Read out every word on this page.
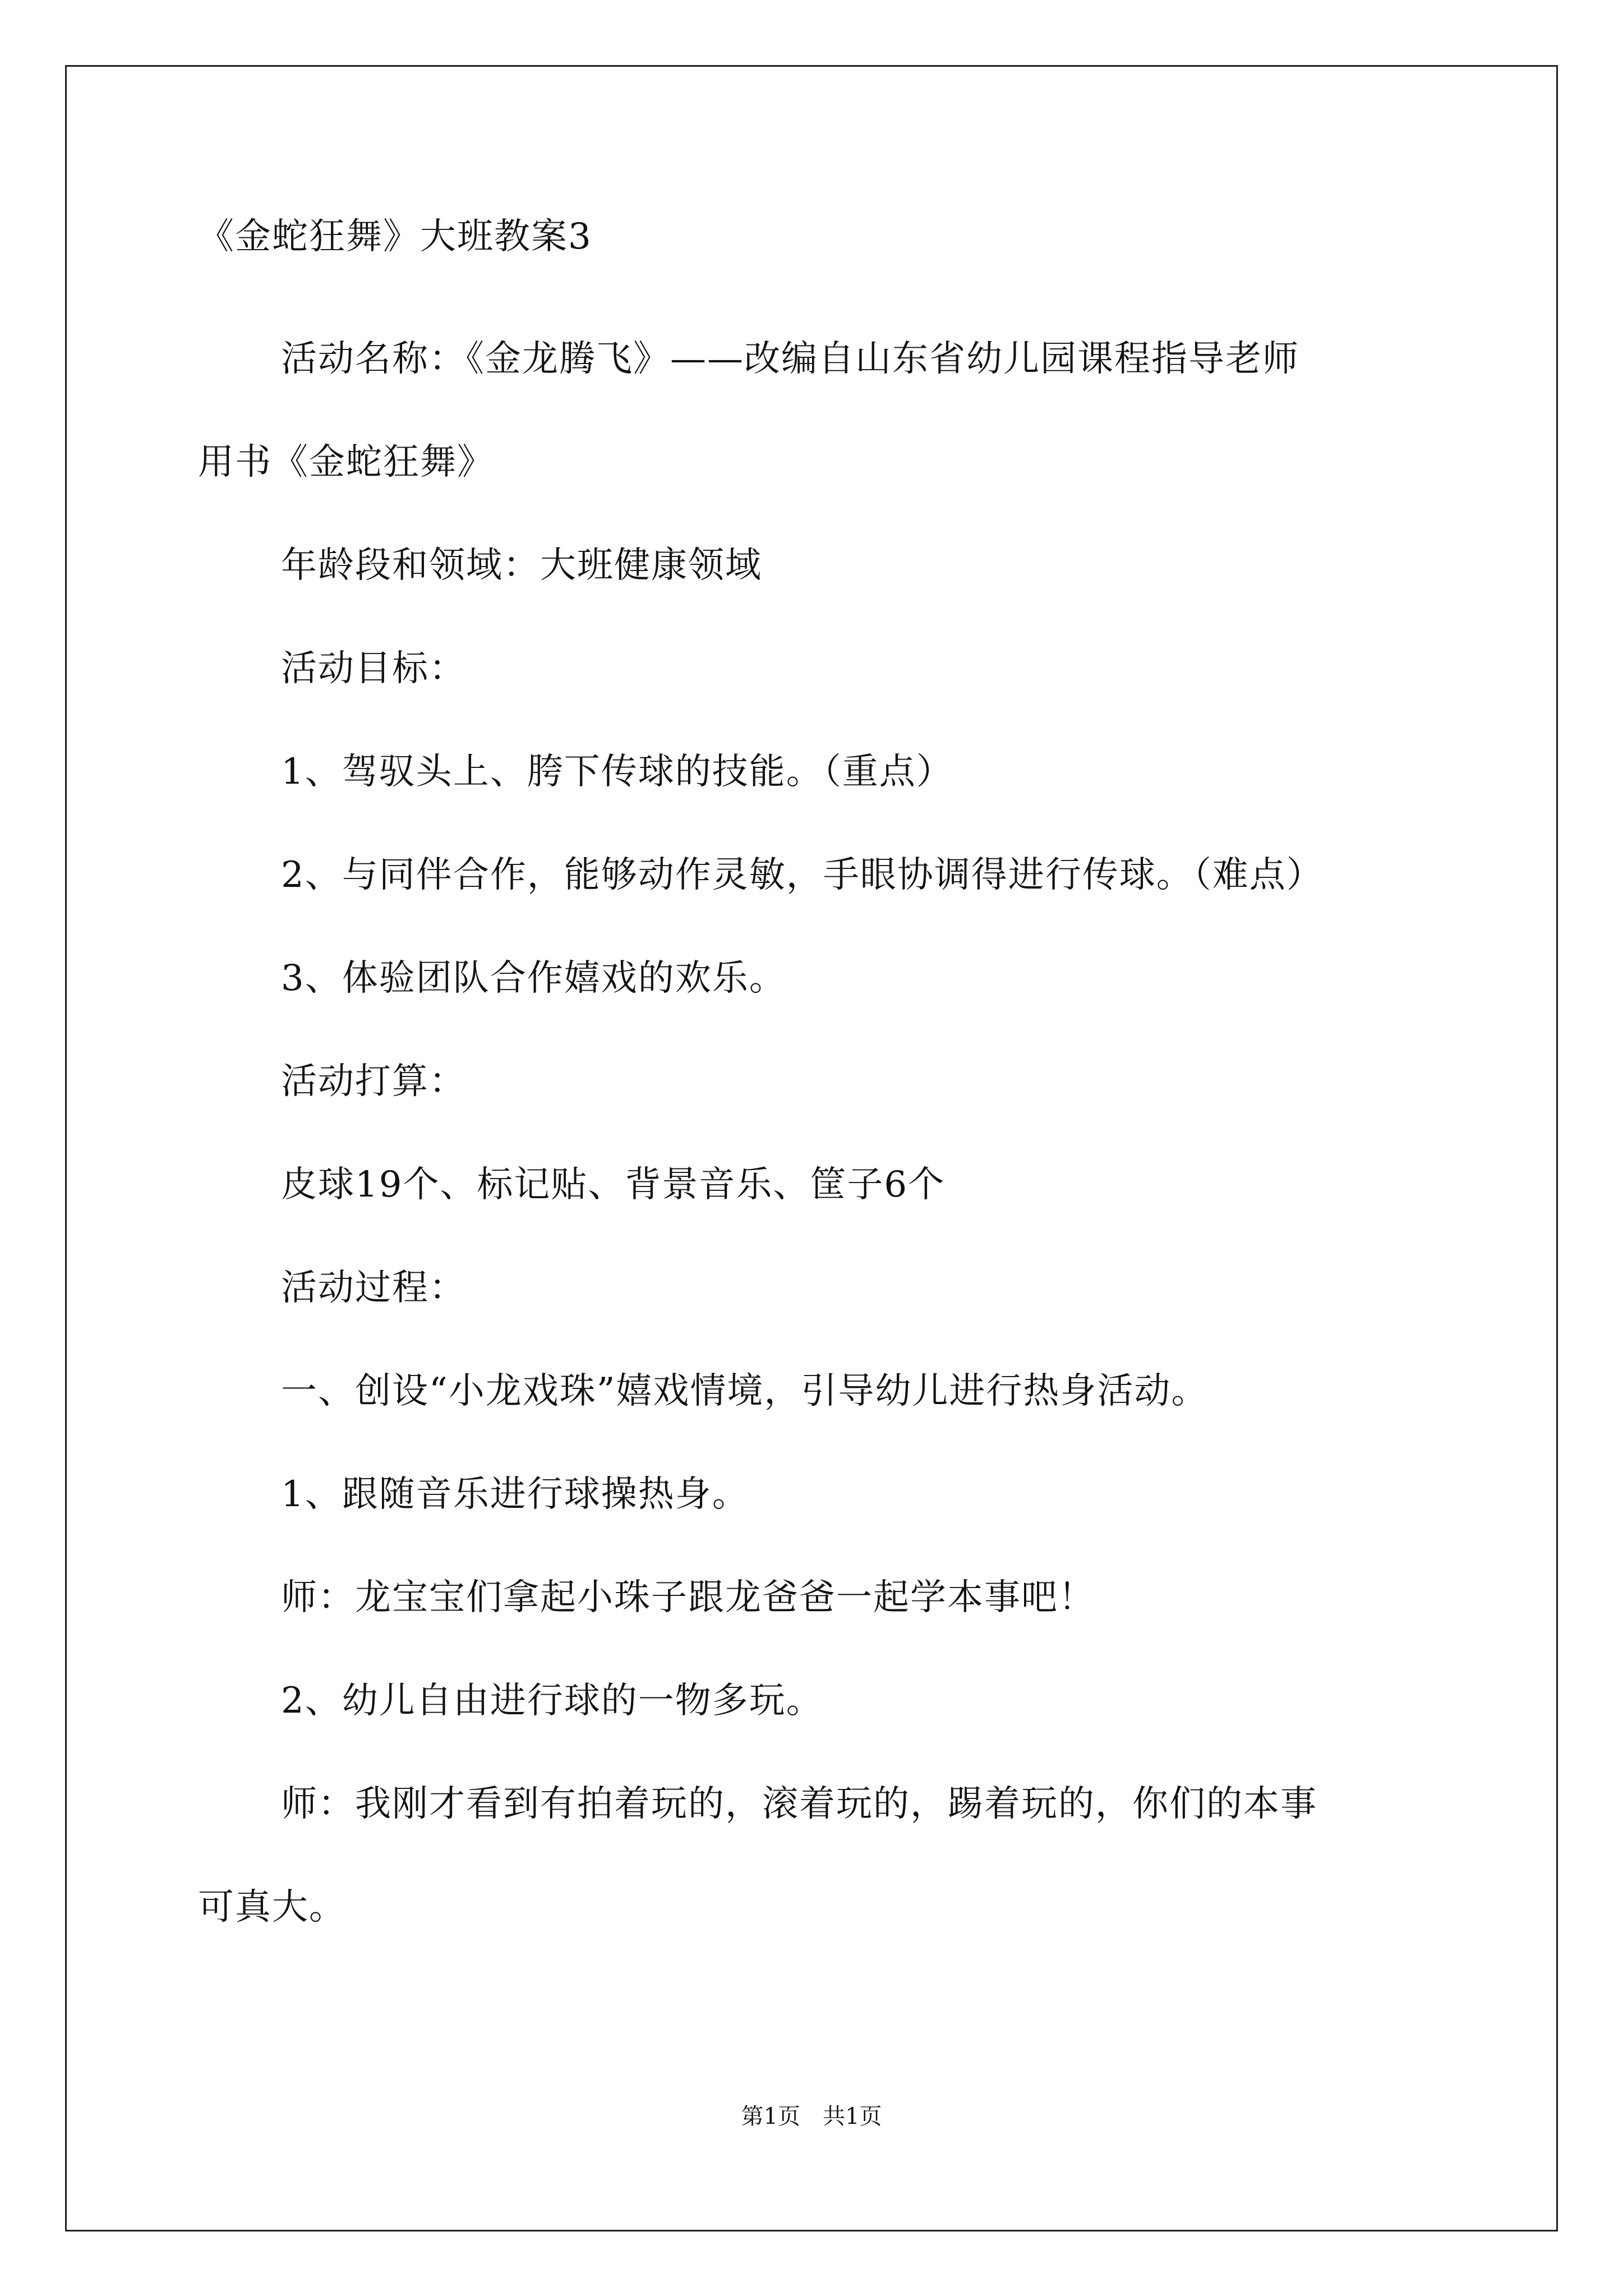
《金蛇狂舞》大班教案3
活动名称：《金龙腾飞》——改编自山东省幼儿园课程指导老师
用书《金蛇狂舞》
年龄段和领域：大班健康领域
活动目标：
1、驾驭头上、胯下传球的技能。（重点）
2、与同伴合作，能够动作灵敏，手眼协调得进行传球。（难点）
3、体验团队合作嬉戏的欢乐。
活动打算：
皮球19个、标记贴、背景音乐、筐子6个
活动过程：
一、创设“小龙戏珠”嬉戏情境，引导幼儿进行热身活动。
1、跟随音乐进行球操热身。
师：龙宝宝们拿起小珠子跟龙爸爸一起学本事吧！
2、幼儿自由进行球的一物多玩。
师：我刚才看到有拍着玩的，滚着玩的，踢着玩的，你们的本事
可真大。
第1页　共1页
